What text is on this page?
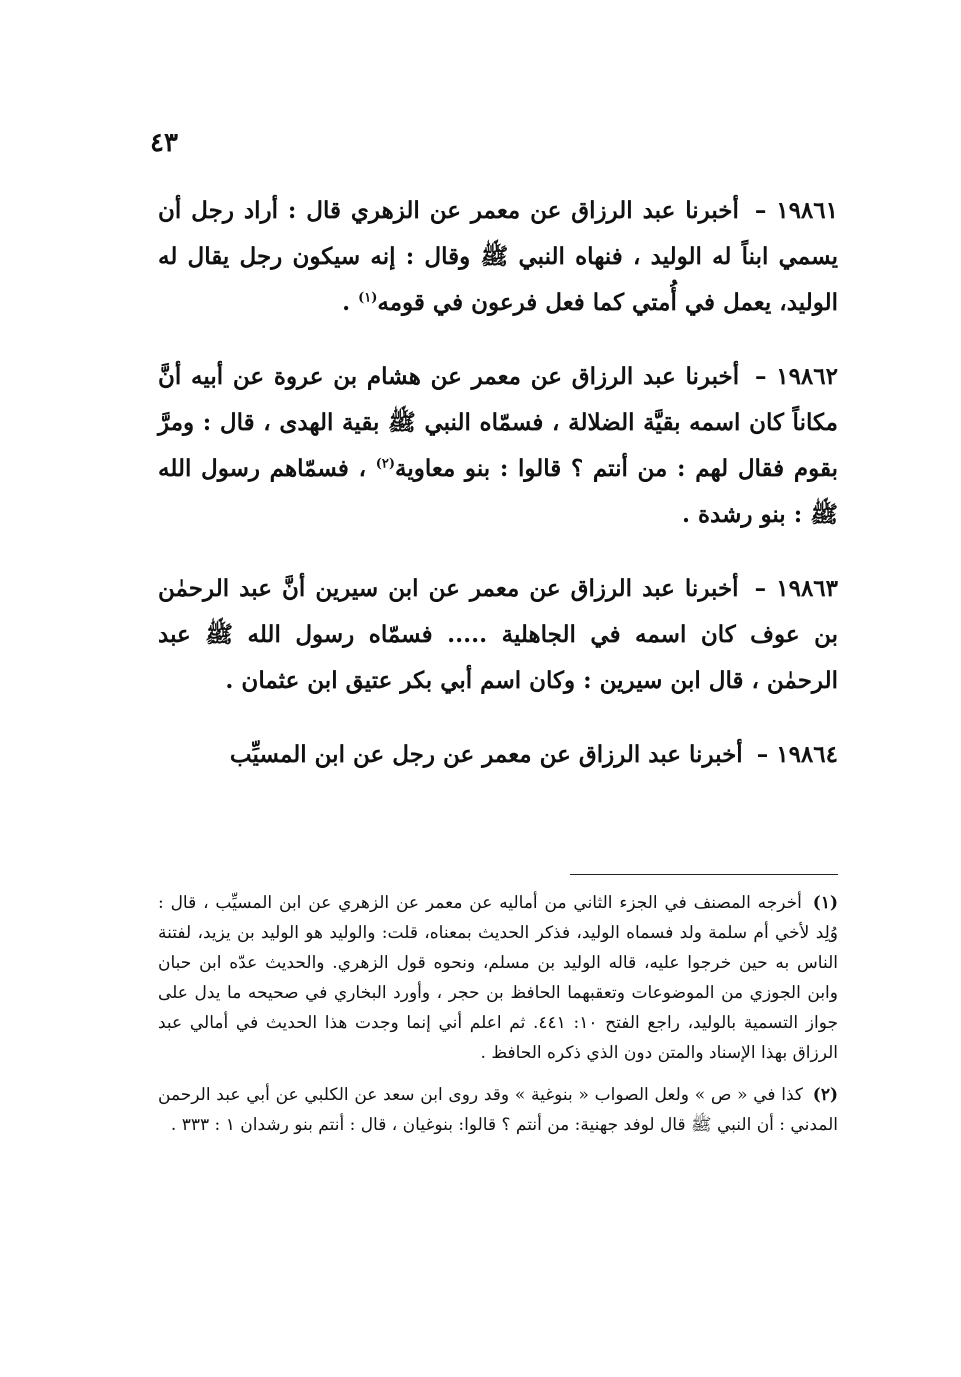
٤٣

١٩٨٦١ – أخبرنا عبد الرزاق عن معمر عن الزهري قال : أراد رجل أن يسمي ابناً له الوليد ، فنهاه النبي ﷺ وقال : إنه سيكون رجل يقال له الوليد، يعمل في أُمتي كما فعل فرعون في قومه$^{(١)}$ .

١٩٨٦٢ – أخبرنا عبد الرزاق عن معمر عن هشام بن عروة عن أبيه أنَّ مكاناً كان اسمه بقيَّة الضلالة ، فسمّاه النبي ﷺ بقية الهدى ، قال : ومرَّ بقوم فقال لهم : من أنتم ؟ قالوا : بنو معاوية$^{(٢)}$ ، فسمّاهم رسول الله ﷺ : بنو رشدة .

١٩٨٦٣ – أخبرنا عبد الرزاق عن معمر عن ابن سيرين أنَّ عبد الرحمٰن بن عوف كان اسمه في الجاهلية ..... فسمّاه رسول الله ﷺ عبد الرحمٰن ، قال ابن سيرين : وكان اسم أبي بكر عتيق ابن عثمان .

١٩٨٦٤ – أخبرنا عبد الرزاق عن معمر عن رجل عن ابن المسيِّب

(١) أخرجه المصنف في الجزء الثاني من أماليه عن معمر عن الزهري عن ابن المسيِّب ، قال : وُلِد لأخي أم سلمة ولد فسماه الوليد، فذكر الحديث بمعناه، قلت: والوليد هو الوليد بن يزيد، لفتنة الناس به حين خرجوا عليه، قاله الوليد بن مسلم، ونحوه قول الزهري. والحديث عدّه ابن حبان وابن الجوزي من الموضوعات وتعقبهما الحافظ بن حجر ، وأورد البخاري في صحيحه ما يدل على جواز التسمية بالوليد، راجع الفتح ١٠: ٤٤١. ثم اعلم أني إنما وجدت هذا الحديث في أمالي عبد الرزاق بهذا الإسناد والمتن دون الذي ذكره الحافظ .

(٢) كذا في « ص » ولعل الصواب « بنوغية » وقد روى ابن سعد عن الكلبي عن أبي عبد الرحمن المدني : أن النبي ﷺ قال لوفد جهنية: من أنتم ؟ قالوا: بنوغيان ، قال : أنتم بنو رشدان ١ : ٣٣٣ .
